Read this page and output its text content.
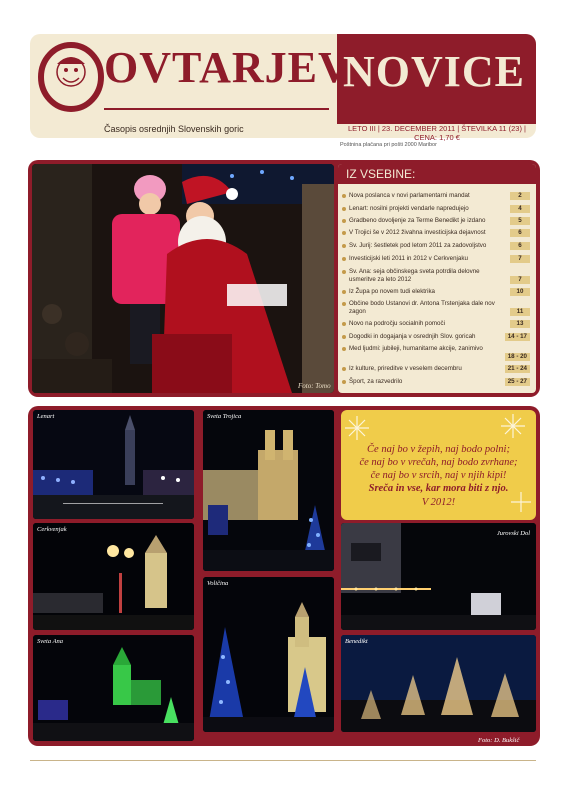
OVTARJEVE
NOVICE
Časopis osrednjih Slovenskih goric	LETO III | 23. DECEMBER 2011 | ŠTEVILKA 11 (23) | CENA: 1,70 €
Poštnina plačana pri pošti 2000 Maribor
Foto: Tomo
IZ VSEBINE:
Nova poslanca v novi parlamentarni mandat	2
Lenart: nosilni projekti vendarle napredujejo	4
Gradbeno dovoljenje za Terme Benedikt je izdano	5
V Trojici še v 2012 živahna investicijska dejavnost	6
Sv. Jurij: šestletek pod letom 2011 za zadovoljstvo	6
Investicijski leti 2011 in 2012 v Cerkvenjaku	7
Sv. Ana: seja občinskega sveta potrdila delovne usmeritve za leto 2012	7
Iz Župa po novem tudi elektrika	10
Občine bodo Ustanovi dr. Antona Trstenjaka dale nov zagon	11
Novo na področju socialnih pomoči	13
Dogodki in dogajanja v osrednjih Slov. goricah	14 - 17
Med ljudmi: jubileji, humanitarne akcije, zanimivo
18 - 20
Iz kulture, prireditve v veselem decembru	21 - 24
Šport, za razvedrilo	25 - 27
Lenart	Sveta Trojica
Če naj bo v žepih, naj bodo polni;
če naj bo v vrečah, naj bodo zvrhane;
če naj bo v srcih, naj v njih kipi!
Sreča in vse, kar mora biti z njo.
V 2012!
Cerkvenjak
Jurovski Dol
Voličina
Sveta Ana	Benedikt
Foto: D. Bukšič
